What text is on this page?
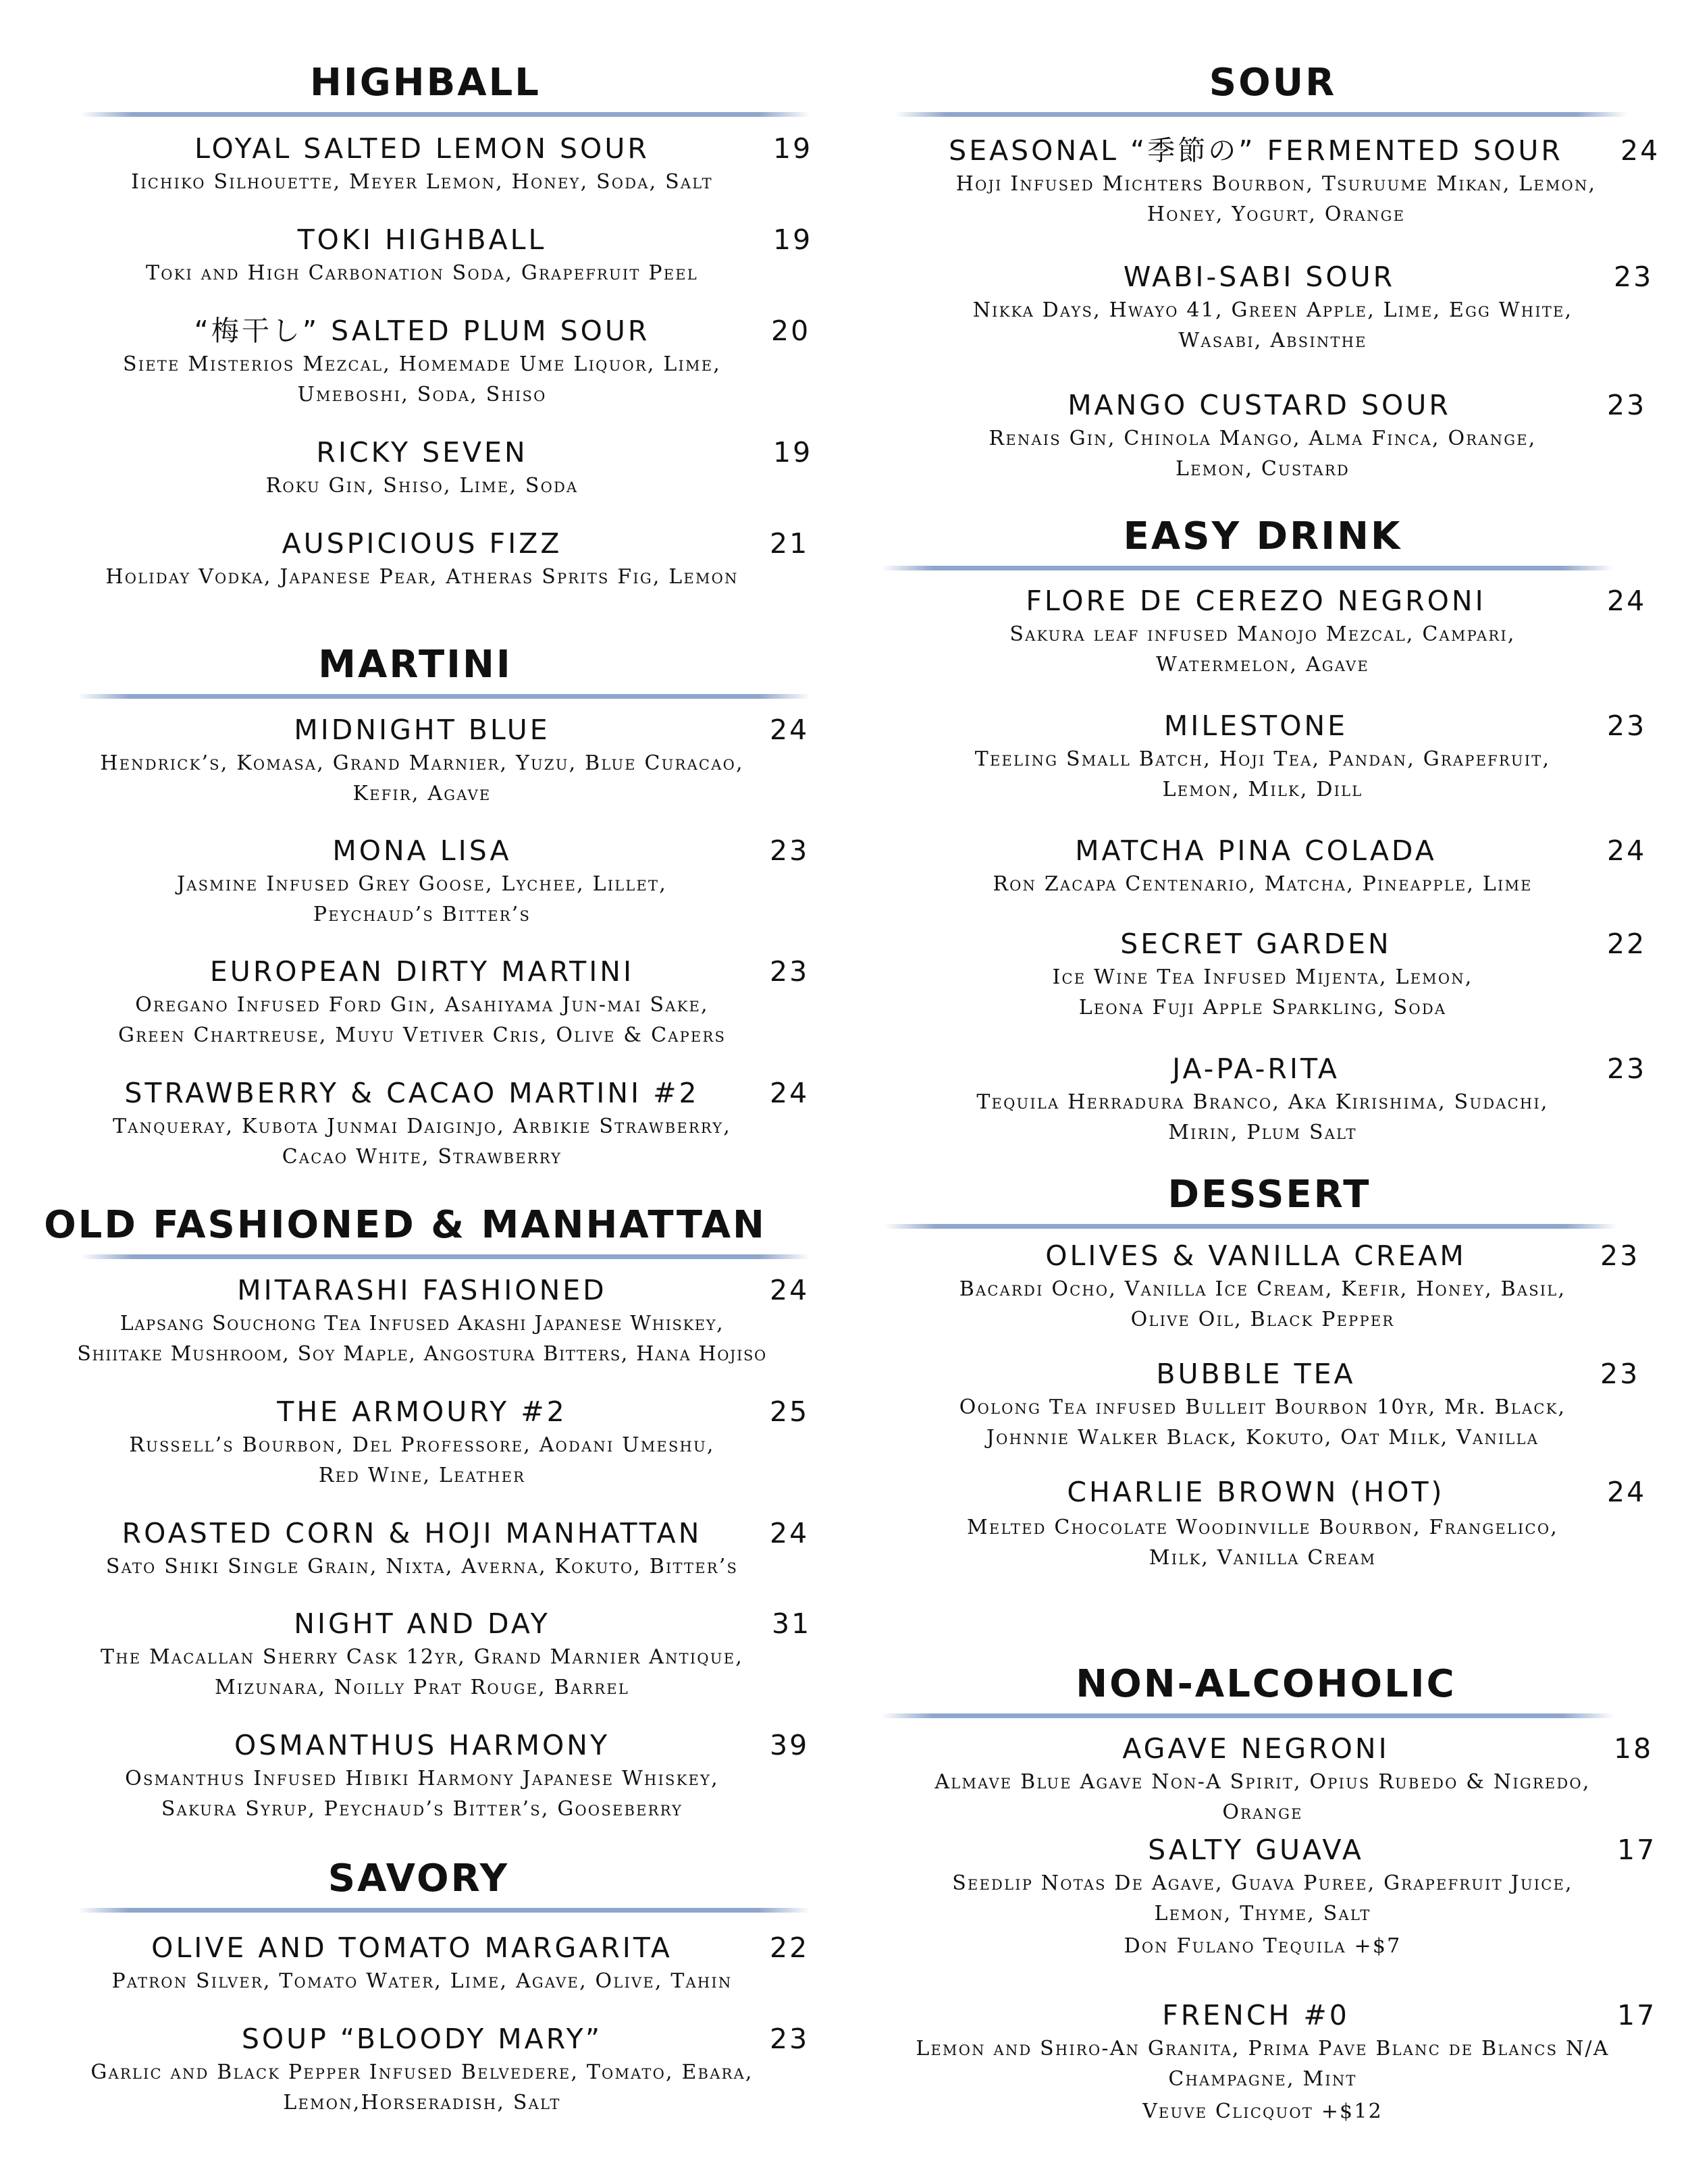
HIGHBALL
LOYAL SALTED LEMON SOUR	19
Iichiko Silhouette, Meyer Lemon, Honey, Soda, Salt
TOKI HIGHBALL	19
Toki and High Carbonation Soda, Grapefruit Peel
“梅干し” SALTED PLUM SOUR	20
Siete Misterios Mezcal, Homemade Ume Liquor, Lime,
Umeboshi, Soda, Shiso
RICKY SEVEN	19
Roku Gin, Shiso, Lime, Soda
AUSPICIOUS FIZZ	21
Holiday Vodka, Japanese Pear, Atheras Sprits Fig, Lemon
MARTINI
MIDNIGHT BLUE	24
Hendrick’s, Komasa, Grand Marnier, Yuzu, Blue Curacao,
Kefir, Agave
MONA LISA	23
Jasmine Infused Grey Goose, Lychee, Lillet,
Peychaud’s Bitter’s
EUROPEAN DIRTY MARTINI	23
Oregano Infused Ford Gin, Asahiyama Jun-mai Sake,
Green Chartreuse, Muyu Vetiver Cris, Olive & Capers
STRAWBERRY & CACAO MARTINI #2	24
Tanqueray, Kubota Junmai Daiginjo, Arbikie Strawberry,
Cacao White, Strawberry
OLD FASHIONED & MANHATTAN
MITARASHI FASHIONED	24
Lapsang Souchong Tea Infused Akashi Japanese Whiskey,
Shiitake Mushroom, Soy Maple, Angostura Bitters, Hana Hojiso
THE ARMOURY #2	25
Russell’s Bourbon, Del Professore, Aodani Umeshu,
Red Wine, Leather
ROASTED CORN & HOJI MANHATTAN	24
Sato Shiki Single Grain, Nixta, Averna, Kokuto, Bitter’s
NIGHT AND DAY	31
The Macallan Sherry Cask 12yr, Grand Marnier Antique,
Mizunara, Noilly Prat Rouge, Barrel
OSMANTHUS HARMONY	39
Osmanthus Infused Hibiki Harmony Japanese Whiskey,
Sakura Syrup, Peychaud’s Bitter’s, Gooseberry
SAVORY
OLIVE AND TOMATO MARGARITA	22
Patron Silver, Tomato Water, Lime, Agave, Olive, Tahin
SOUP “BLOODY MARY”	23
Garlic and Black Pepper Infused Belvedere, Tomato, Ebara,
Lemon,Horseradish, Salt
SOUR
SEASONAL “季節の” FERMENTED SOUR	24
Hoji Infused Michters Bourbon, Tsuruume Mikan, Lemon,
Honey, Yogurt, Orange
WABI-SABI SOUR	23
Nikka Days, Hwayo 41, Green Apple, Lime, Egg White,
Wasabi, Absinthe
MANGO CUSTARD SOUR	23
Renais Gin, Chinola Mango, Alma Finca, Orange,
Lemon, Custard
EASY DRINK
FLORE DE CEREZO NEGRONI	24
Sakura leaf infused Manojo Mezcal, Campari,
Watermelon, Agave
MILESTONE	23
Teeling Small Batch, Hoji Tea, Pandan, Grapefruit,
Lemon, Milk, Dill
MATCHA PINA COLADA	24
Ron Zacapa Centenario, Matcha, Pineapple, Lime
SECRET GARDEN	22
Ice Wine Tea Infused Mijenta, Lemon,
Leona Fuji Apple Sparkling, Soda
JA-PA-RITA	23
Tequila Herradura Branco, Aka Kirishima, Sudachi,
Mirin, Plum Salt
DESSERT
OLIVES & VANILLA CREAM	23
Bacardi Ocho, Vanilla Ice Cream, Kefir, Honey, Basil,
Olive Oil, Black Pepper
BUBBLE TEA	23
Oolong Tea infused Bulleit Bourbon 10yr, Mr. Black,
Johnnie Walker Black, Kokuto, Oat Milk, Vanilla
CHARLIE BROWN (HOT)	24
Melted Chocolate Woodinville Bourbon, Frangelico,
Milk, Vanilla Cream
NON-ALCOHOLIC
AGAVE NEGRONI	18
Almave Blue Agave Non-A Spirit, Opius Rubedo & Nigredo,
Orange
SALTY GUAVA	17
Seedlip Notas De Agave, Guava Puree, Grapefruit Juice,
Lemon, Thyme, Salt
Don Fulano Tequila +$7
FRENCH #0	17
Lemon and Shiro-An Granita, Prima Pave Blanc de Blancs N/A
Champagne, Mint
Veuve Clicquot +$12
